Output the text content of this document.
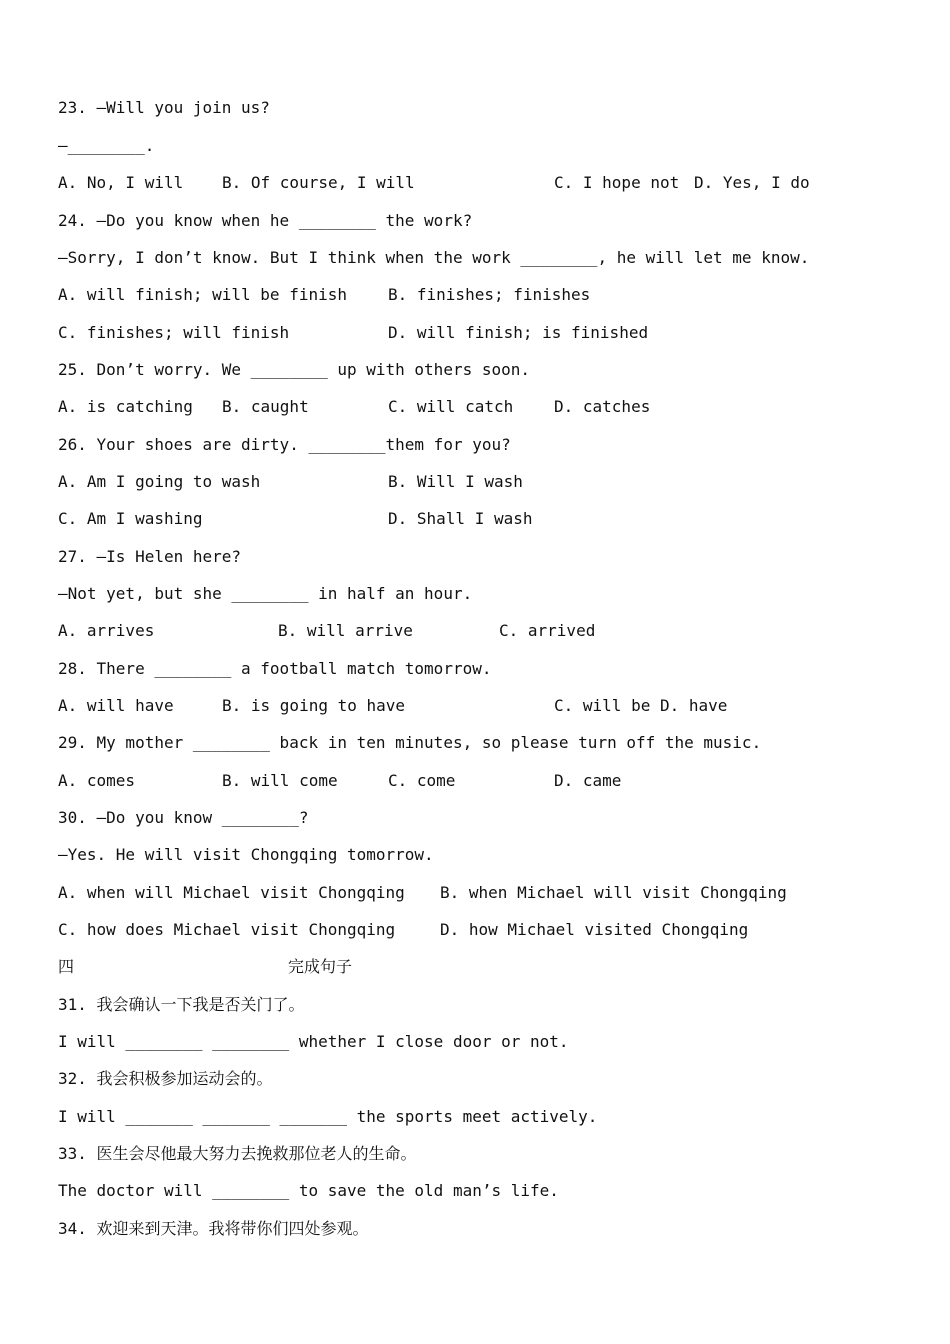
23. —Will you join us?
—________.

A. No, I will

B. Of course, I will

	C. I hope not

D. Yes, I do

24. —Do you know when he ________ the work?
—Sorry, I don’t know. But I think when the work ________, he will let me know.

A. will finish; will be finish

	B. finishes; finishes

C. finishes; will finish

	D. will finish; is finished

25. Don’t worry. We ________ up with others soon.

A. is catching

B. caught

	C. will catch

	D. catches

26. Your shoes are dirty. ________them for you?

A. Am I going to wash

	B. Will I wash

C. Am I washing

	D. Shall I wash

27. —Is Helen here?
—Not yet, but she ________ in half an hour.

A. arrives

	B. will arrive

	C. arrived

28. There ________ a football match tomorrow.

A. will have

	B. is going to have

	C. will be

D. have

29. My mother ________ back in ten minutes, so please turn off the music.

A. comes

	B. will come

	C. come

	D. came

30. —Do you know ________?
—Yes. He will visit Chongqing tomorrow.

A. when will Michael visit Chongqing

B. when Michael will visit Chongqing

C. how does Michael visit Chongqing

	D. how Michael visited Chongqing

四

	完成句子

31. 我会确认一下我是否关门了。
I will ________ ________ whether I close door or not.
32. 我会积极参加运动会的。
I will _______ _______ _______ the sports meet actively.
33. 医生会尽他最大努力去挽救那位老人的生命。
The doctor will ________ to save the old man’s life.
34. 欢迎来到天津。我将带你们四处参观。
